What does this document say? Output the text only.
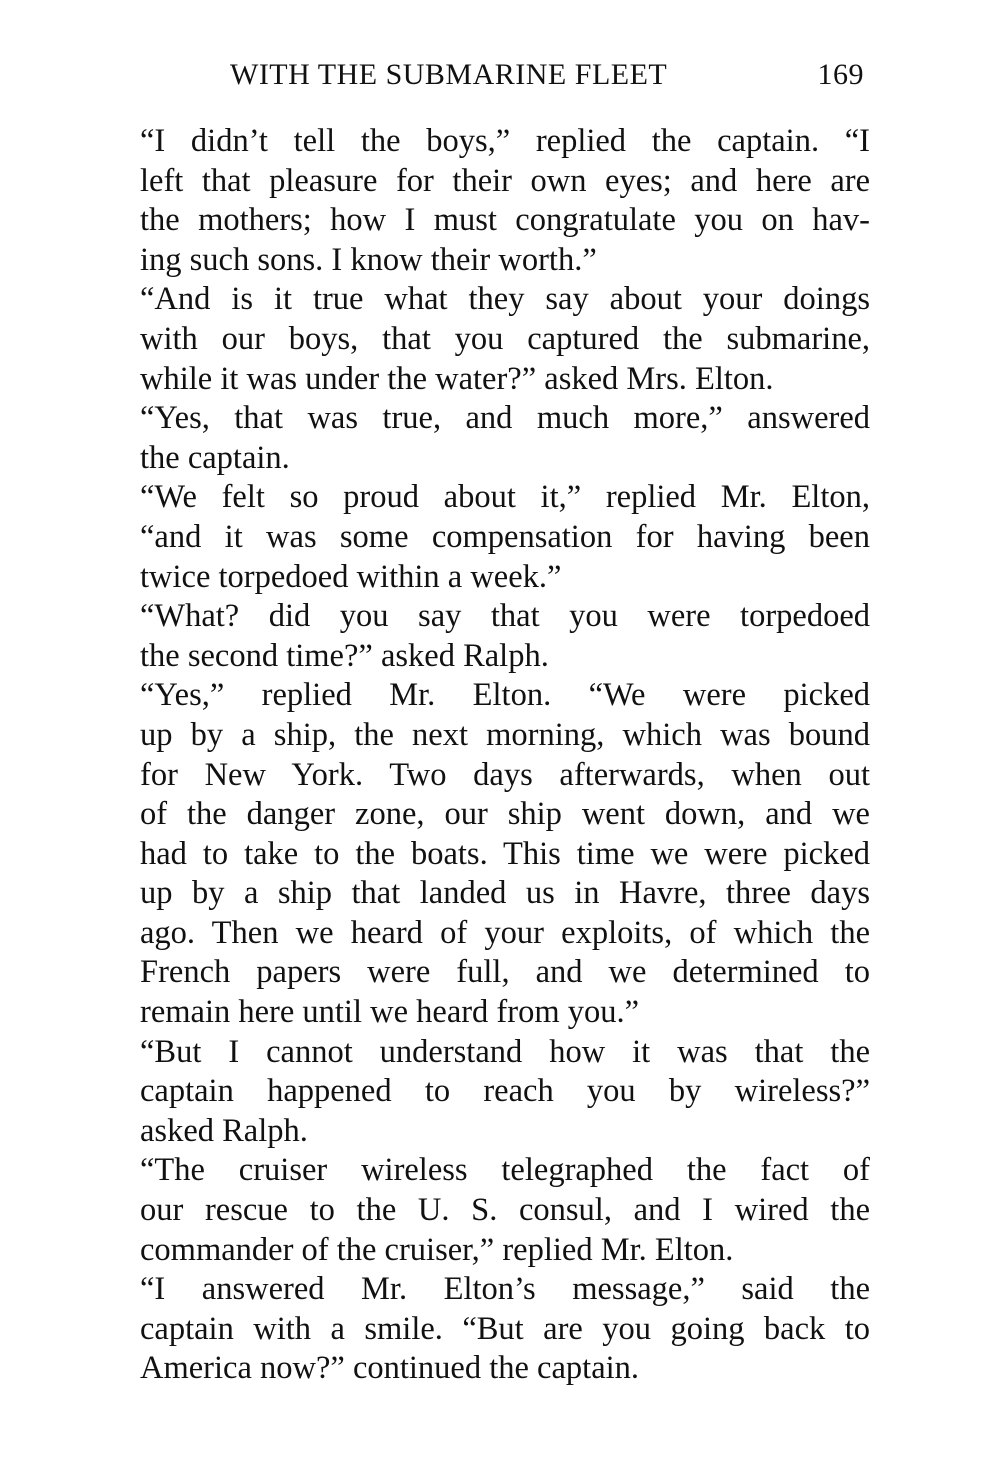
WITH THE SUBMARINE FLEET	169

“I didn’t tell the boys,” replied the captain. “I
left that pleasure for their own eyes; and here are
the mothers; how I must congratulate you on hav-
ing such sons. I know their worth.”

“And is it true what they say about your doings
with our boys, that you captured the submarine,
while it was under the water?” asked Mrs. Elton.

“Yes, that was true, and much more,” answered
the captain.

“We felt so proud about it,” replied Mr. Elton,
“and it was some compensation for having been
twice torpedoed within a week.”

“What? did you say that you were torpedoed
the second time?” asked Ralph.

“Yes,” replied Mr. Elton. “We were picked
up by a ship, the next morning, which was bound
for New York. Two days afterwards, when out
of the danger zone, our ship went down, and we
had to take to the boats. This time we were picked
up by a ship that landed us in Havre, three days
ago. Then we heard of your exploits, of which the
French papers were full, and we determined to
remain here until we heard from you.”

“But I cannot understand how it was that the
captain happened to reach you by wireless?”
asked Ralph.

“The cruiser wireless telegraphed the fact of
our rescue to the U. S. consul, and I wired the
commander of the cruiser,” replied Mr. Elton.

“I answered Mr. Elton’s message,” said the
captain with a smile. “But are you going back to
America now?” continued the captain.
